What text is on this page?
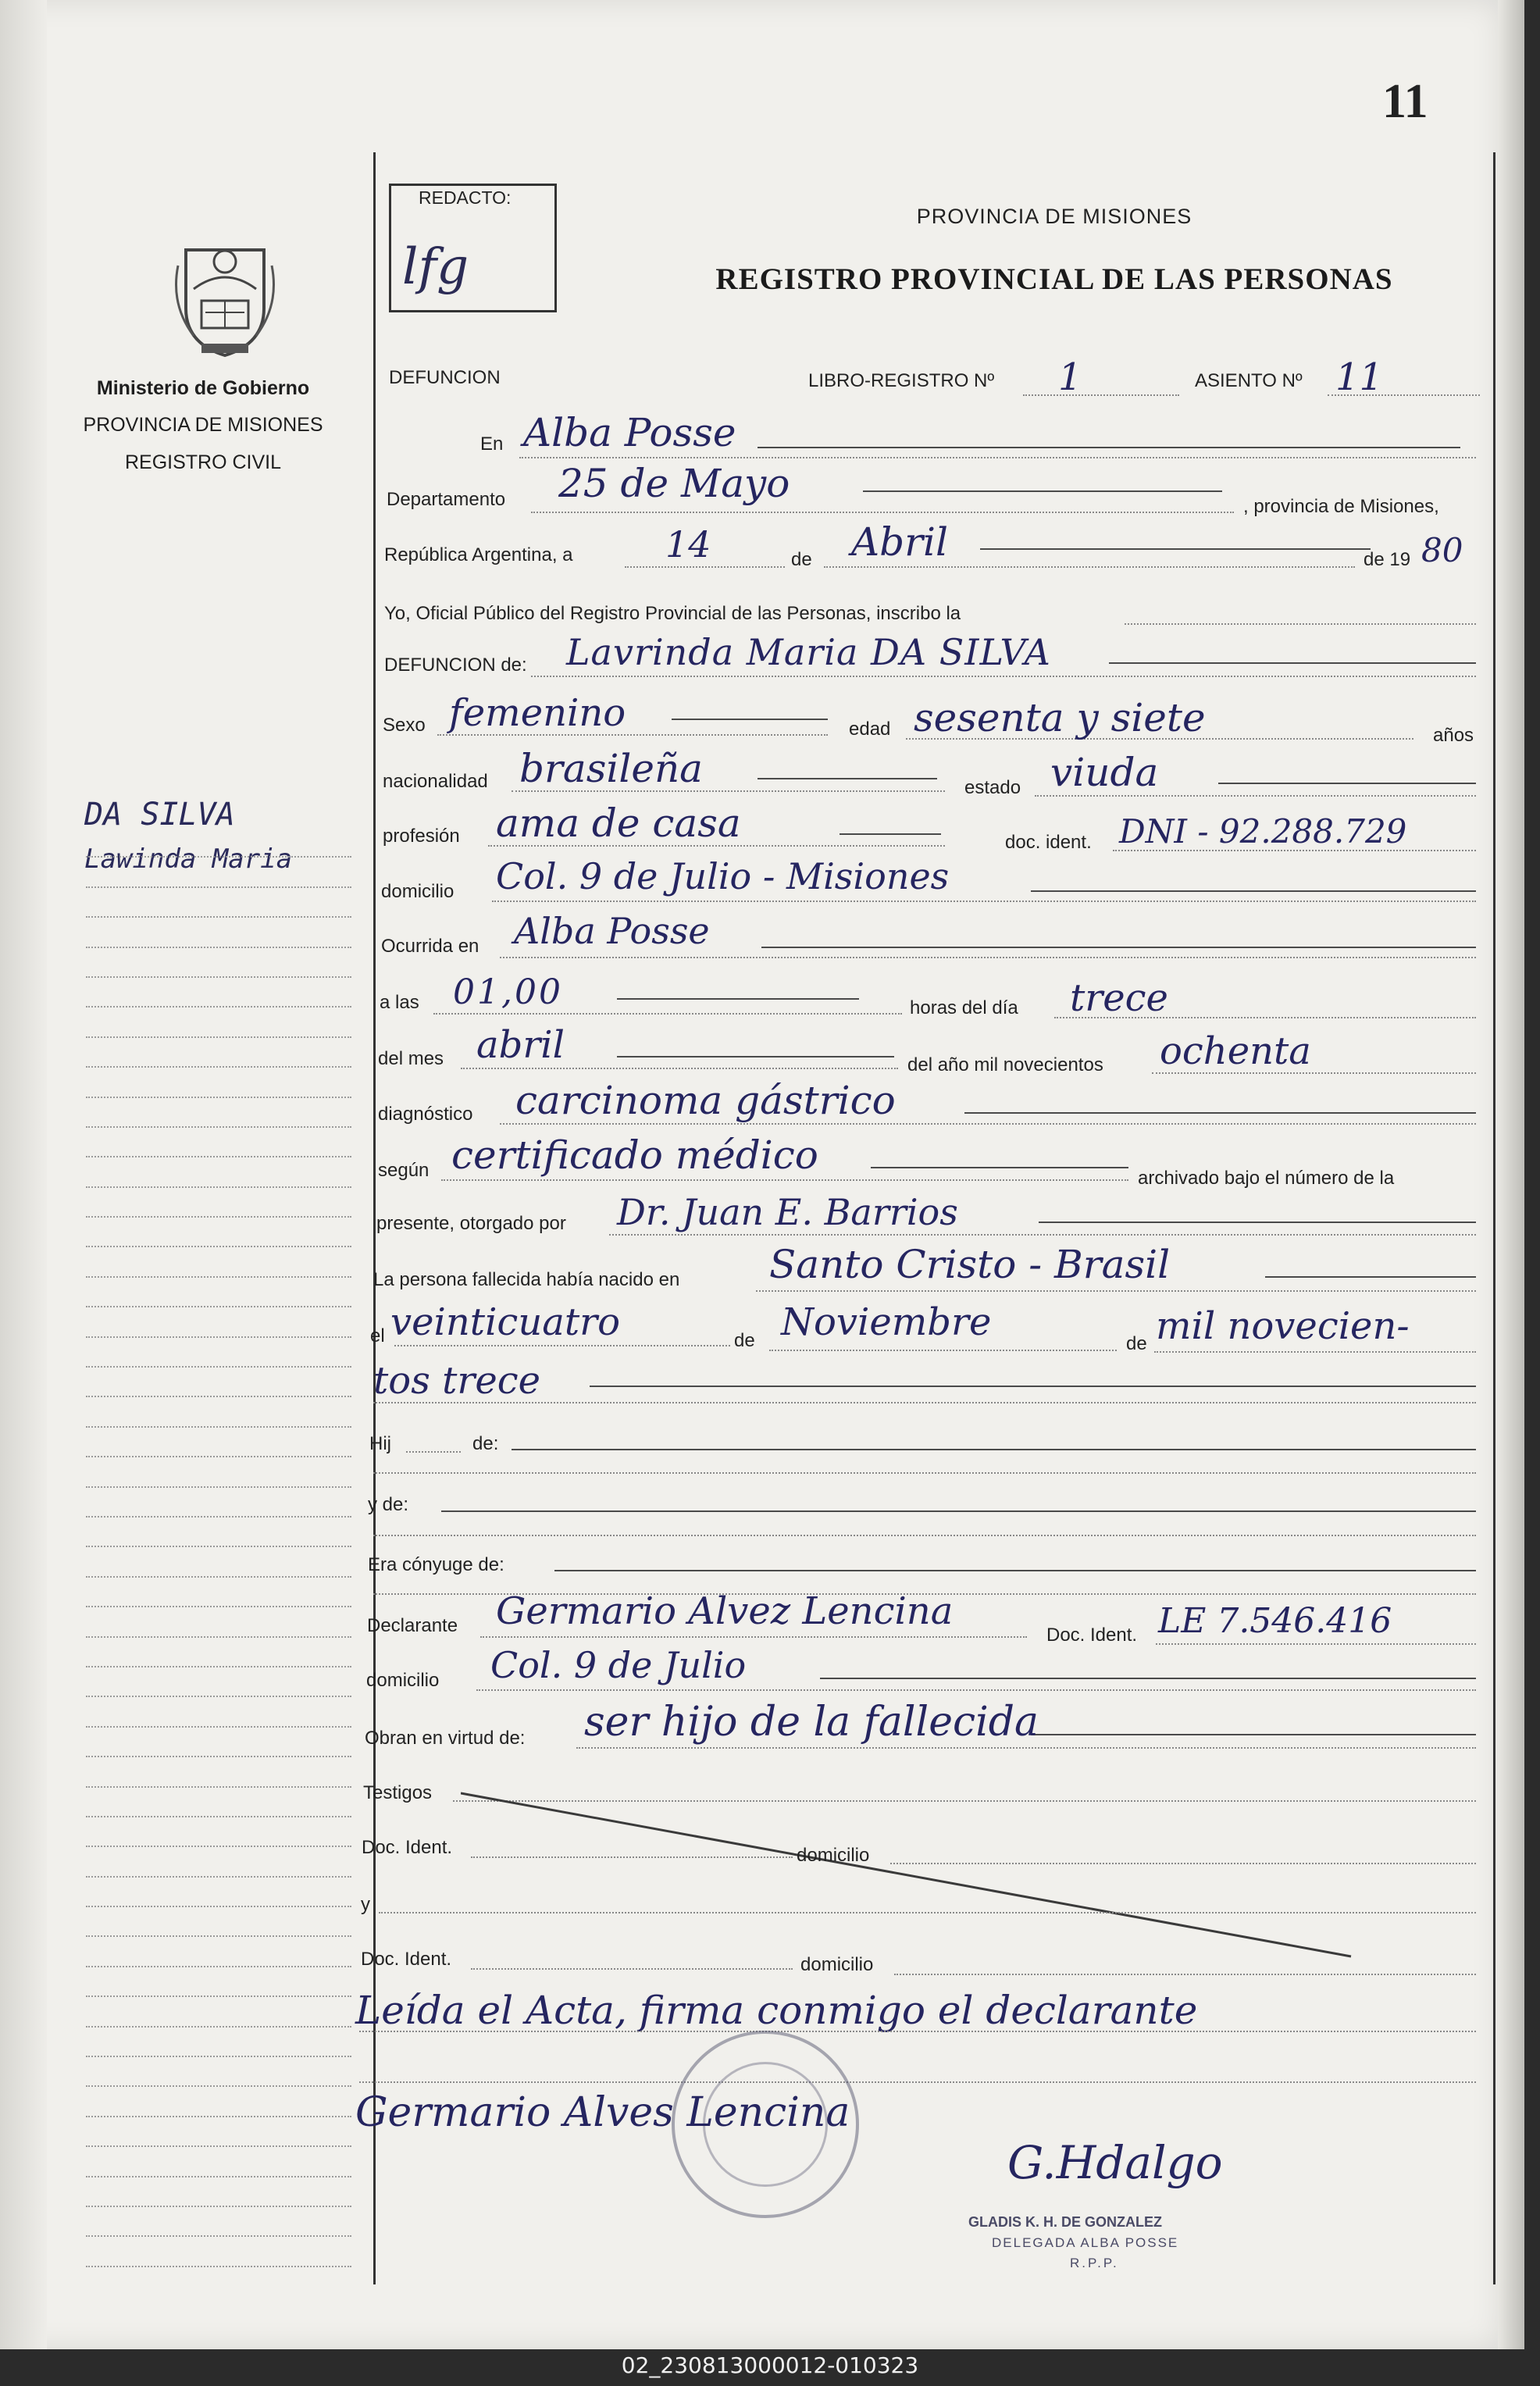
11
Ministerio de Gobierno
PROVINCIA DE MISIONES
REGISTRO CIVIL
DA SILVA
Lawinda Maria
REDACTO:
lfg
PROVINCIA DE MISIONES
REGISTRO PROVINCIAL DE LAS PERSONAS
DEFUNCION	LIBRO-REGISTRO Nº 1	ASIENTO Nº 11
En Alba Posse
Departamento 25 de Mayo
, provincia de Misiones,
República Argentina, a	14	de Abril	de 19 80
Yo, Oficial Público del Registro Provincial de las Personas, inscribo la
DEFUNCION de: Lavrinda Maria DA SILVA
Sexo femenino	edad sesenta y siete	años
nacionalidad brasileña	estado viuda
profesión ama de casa	doc. ident. DNI - 92.288.729
domicilio Col. 9 de Julio - Misiones
Ocurrida en Alba Posse
a las 01,00	horas del día trece
del mes abril	del año mil novecientos ochenta
diagnóstico carcinoma gástrico
según certificado médico
archivado bajo el número de la
presente, otorgado por Dr. Juan E. Barrios
La persona fallecida había nacido en Santo Cristo - Brasil
el veinticuatro	de Noviembre	de mil novecien-
tos trece
Hij	de:
y de:
Era cónyuge de:
Declarante Germario Alvez Lencina
Doc. Ident. LE 7.546.416
domicilio Col. 9 de Julio
Obran en virtud de: ser hijo de la fallecida
Testigos
Doc. Ident.	domicilio
y
Doc. Ident.	domicilio
Leída el Acta, firma conmigo el declarante
Germario Alves Lencina
G.Hdalgo
GLADIS K. H. DE GONZALEZ
DELEGADA ALBA POSSE
R.P.P.
02_230813000012-010323
